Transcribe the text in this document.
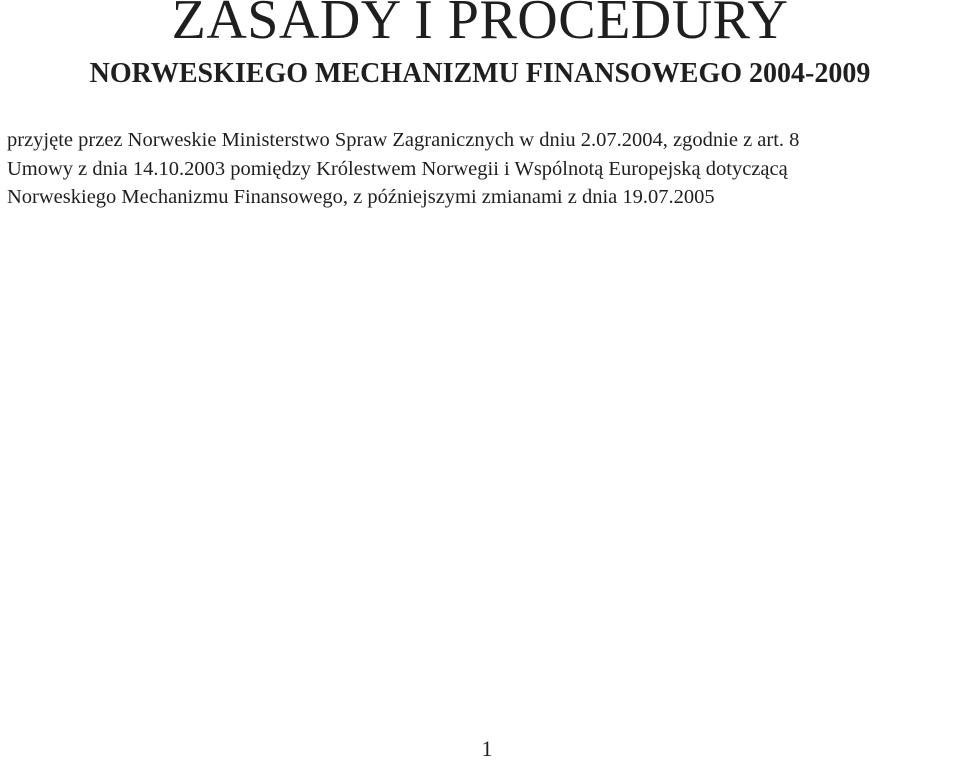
ZASADY I PROCEDURY
NORWESKIEGO MECHANIZMU FINANSOWEGO 2004-2009

przyjęte przez Norweskie Ministerstwo Spraw Zagranicznych w dniu 2.07.2004, zgodnie z art. 8
Umowy z dnia 14.10.2003 pomiędzy Królestwem Norwegii i Wspólnotą Europejską dotyczącą
Norweskiego Mechanizmu Finansowego, z późniejszymi zmianami z dnia 19.07.2005

1
